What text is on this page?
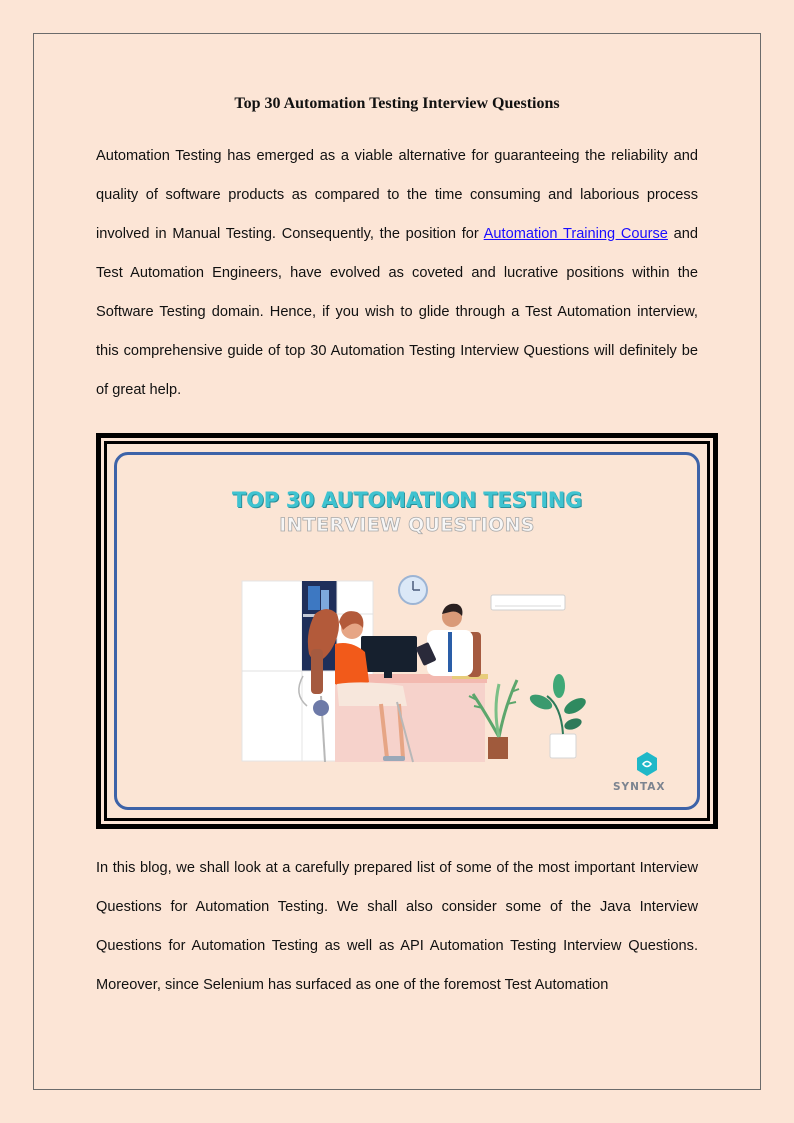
Top 30 Automation Testing Interview Questions

Automation Testing has emerged as a viable alternative for guaranteeing the reliability and quality of software products as compared to the time consuming and laborious process involved in Manual Testing. Consequently, the position for Automation Training Course and Test Automation Engineers, have evolved as coveted and lucrative positions within the Software Testing domain. Hence, if you wish to glide through a Test Automation interview, this comprehensive guide of top 30 Automation Testing Interview Questions will definitely be of great help.

TOP 30 AUTOMATION TESTING
INTERVIEW QUESTIONS
SYNTAX

In this blog, we shall look at a carefully prepared list of some of the most important Interview Questions for Automation Testing. We shall also consider some of the Java Interview Questions for Automation Testing as well as API Automation Testing Interview Questions. Moreover, since Selenium has surfaced as one of the foremost Test Automation
